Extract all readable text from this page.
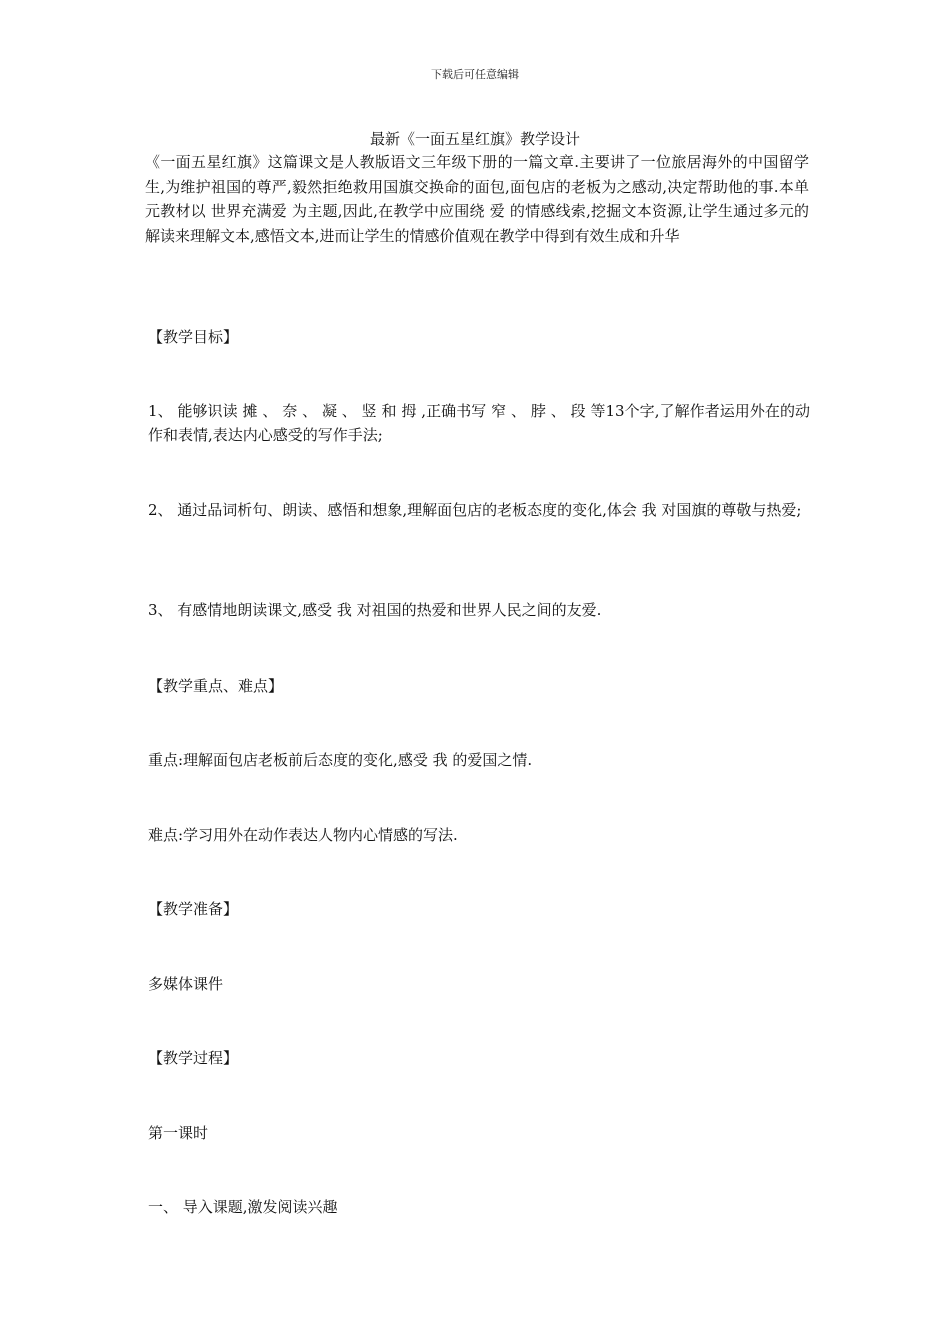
下载后可任意编辑
最新《一面五星红旗》教学设计
《一面五星红旗》这篇课文是人教版语文三年级下册的一篇文章.主要讲了一位旅居海外的中国留学生,为维护祖国的尊严,毅然拒绝救用国旗交换命的面包,面包店的老板为之感动,决定帮助他的事.本单元教材以 世界充满爱 为主题,因此,在教学中应围绕 爱 的情感线索,挖掘文本资源,让学生通过多元的解读来理解文本,感悟文本,进而让学生的情感价值观在教学中得到有效生成和升华
【教学目标】
1、 能够识读 摊 、 奈 、 凝 、 竖 和 拇 ,正确书写 窄 、 脖 、 段 等13个字,了解作者运用外在的动作和表情,表达内心感受的写作手法;
2、 通过品词析句、朗读、感悟和想象,理解面包店的老板态度的变化,体会 我 对国旗的尊敬与热爱;
3、 有感情地朗读课文,感受 我 对祖国的热爱和世界人民之间的友爱.
【教学重点、难点】
重点:理解面包店老板前后态度的变化,感受 我 的爱国之情.
难点:学习用外在动作表达人物内心情感的写法.
【教学准备】
多媒体课件
【教学过程】
第一课时
一、 导入课题,激发阅读兴趣
